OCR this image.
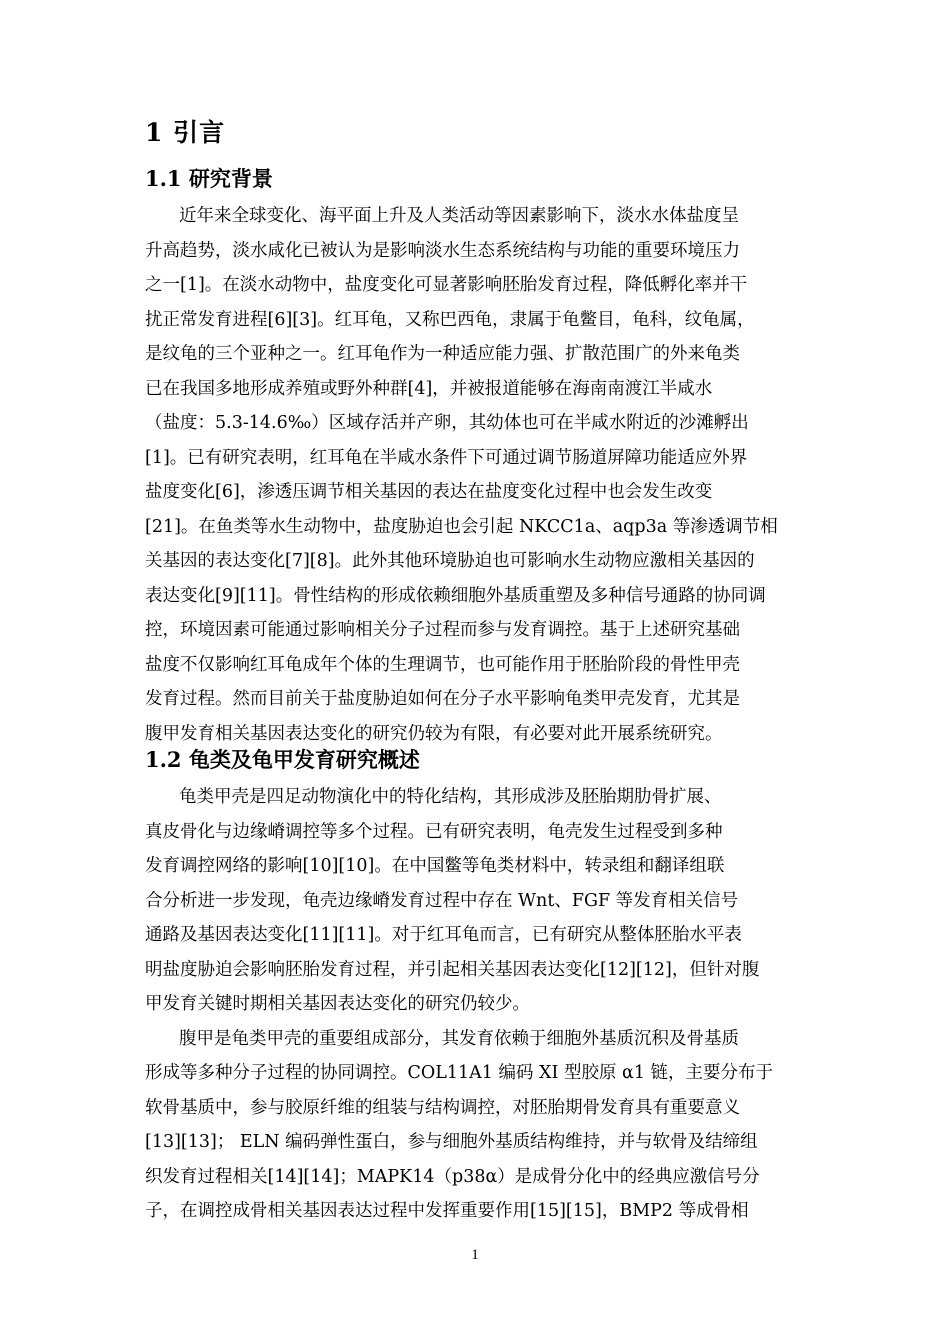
1 引言
1.1 研究背景
近年来全球变化、海平面上升及人类活动等因素影响下，淡水水体盐度呈
升高趋势，淡水咸化已被认为是影响淡水生态系统结构与功能的重要环境压力
之一[1]。在淡水动物中，盐度变化可显著影响胚胎发育过程，降低孵化率并干
扰正常发育进程[6][3]。红耳龟，又称巴西龟，隶属于龟鳖目，龟科，纹龟属，
是纹龟的三个亚种之一。红耳龟作为一种适应能力强、扩散范围广的外来龟类
已在我国多地形成养殖或野外种群[4]，并被报道能够在海南南渡江半咸水
（盐度：5.3-14.6‰）区域存活并产卵，其幼体也可在半咸水附近的沙滩孵出
[1]。已有研究表明，红耳龟在半咸水条件下可通过调节肠道屏障功能适应外界
盐度变化[6]，渗透压调节相关基因的表达在盐度变化过程中也会发生改变
[21]。在鱼类等水生动物中，盐度胁迫也会引起 NKCC1a、aqp3a 等渗透调节相
关基因的表达变化[7][8]。此外其他环境胁迫也可影响水生动物应激相关基因的
表达变化[9][11]。骨性结构的形成依赖细胞外基质重塑及多种信号通路的协同调
控，环境因素可能通过影响相关分子过程而参与发育调控。基于上述研究基础
盐度不仅影响红耳龟成年个体的生理调节，也可能作用于胚胎阶段的骨性甲壳
发育过程。然而目前关于盐度胁迫如何在分子水平影响龟类甲壳发育，尤其是
腹甲发育相关基因表达变化的研究仍较为有限，有必要对此开展系统研究。
1.2 龟类及龟甲发育研究概述
龟类甲壳是四足动物演化中的特化结构，其形成涉及胚胎期肋骨扩展、
真皮骨化与边缘嵴调控等多个过程。已有研究表明，龟壳发生过程受到多种
发育调控网络的影响[10][10]。在中国鳖等龟类材料中，转录组和翻译组联
合分析进一步发现，龟壳边缘嵴发育过程中存在 Wnt、FGF 等发育相关信号
通路及基因表达变化[11][11]。对于红耳龟而言，已有研究从整体胚胎水平表
明盐度胁迫会影响胚胎发育过程，并引起相关基因表达变化[12][12]，但针对腹
甲发育关键时期相关基因表达变化的研究仍较少。
腹甲是龟类甲壳的重要组成部分，其发育依赖于细胞外基质沉积及骨基质
形成等多种分子过程的协同调控。COL11A1 编码 XI 型胶原 α1 链，主要分布于
软骨基质中，参与胶原纤维的组装与结构调控，对胚胎期骨发育具有重要意义
[13][13]； ELN 编码弹性蛋白，参与细胞外基质结构维持，并与软骨及结缔组
织发育过程相关[14][14]；MAPK14（p38α）是成骨分化中的经典应激信号分
子，在调控成骨相关基因表达过程中发挥重要作用[15][15]，BMP2 等成骨相
1
